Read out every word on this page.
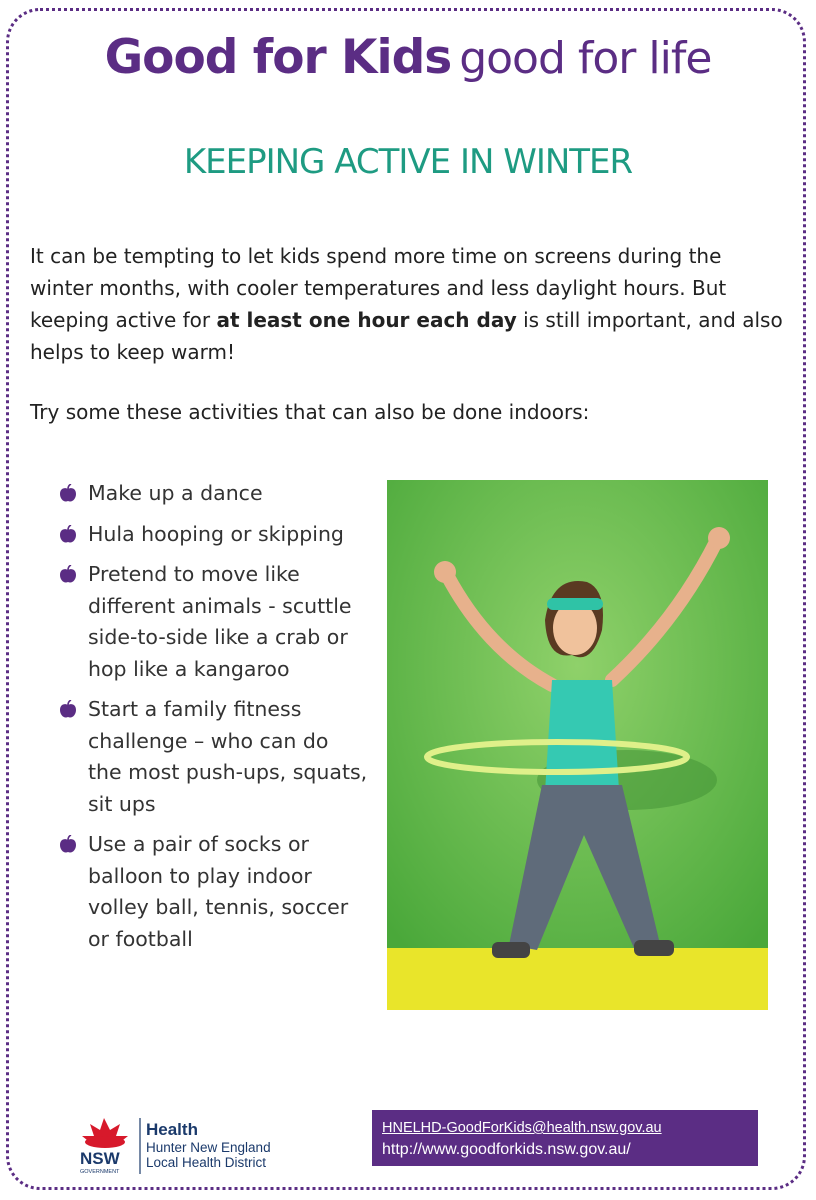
Good for Kids good for life
KEEPING ACTIVE IN WINTER

It can be tempting to let kids spend more time on screens during the winter months, with cooler temperatures and less daylight hours. But keeping active for at least one hour each day is still important, and also helps to keep warm!

Try some these activities that can also be done indoors:
Make up a dance
Hula hooping or skipping
Pretend to move like different animals - scuttle side-to-side like a crab or hop like a kangaroo
Start a family fitness challenge – who can do the most push-ups, squats, sit ups
Use a pair of socks or balloon to play indoor volley ball, tennis, soccer or football
NSW
GOVERNMENT
Health
Hunter New England
Local Health District
HNELHD-GoodForKids@health.nsw.gov.au
http://www.goodforkids.nsw.gov.au/
